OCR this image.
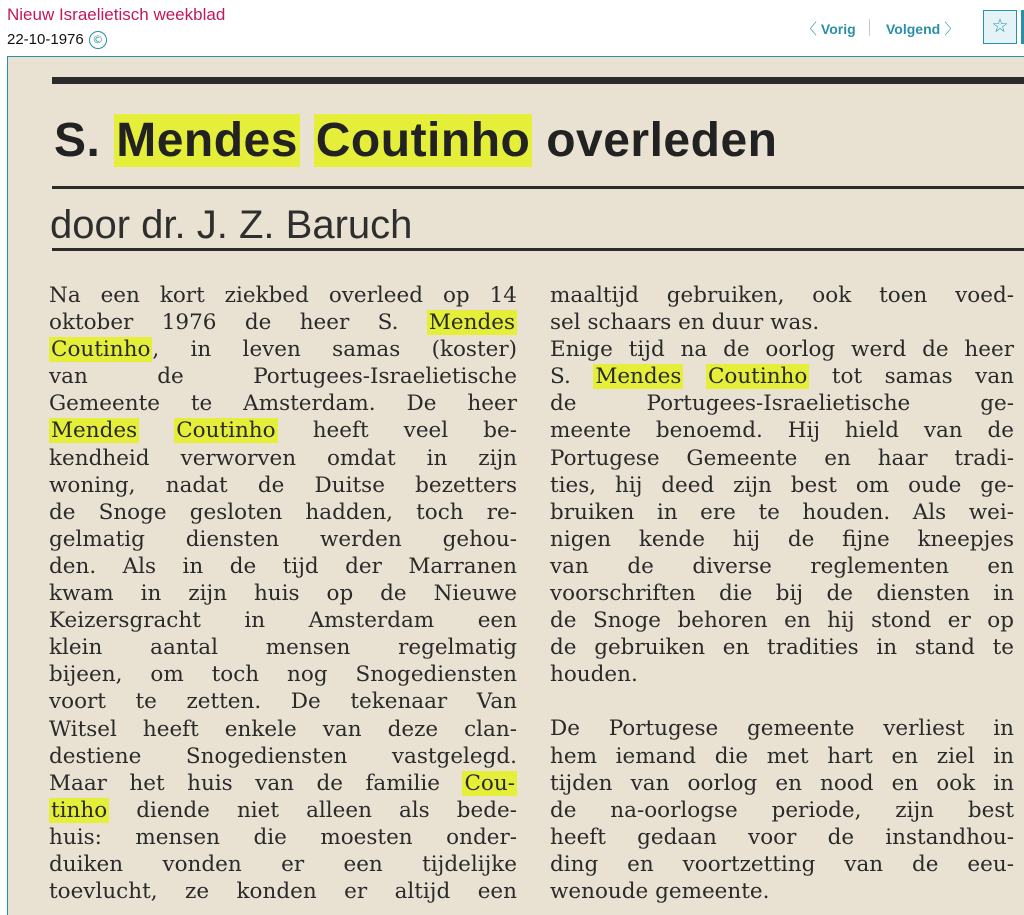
Nieuw Israelietisch weekblad
22-10-1976 ©
〈 Vorig Volgend 〉	☆
S. Mendes Coutinho overleden
door dr. J. Z. Baruch
Na een kort ziekbed overleed op 14
oktober 1976 de heer S. Mendes
Coutinho, in leven samas (koster)
van de Portugees-Israelietische
Gemeente te Amsterdam. De heer
Mendes Coutinho heeft veel be-
kendheid verworven omdat in zijn
woning, nadat de Duitse bezetters
de Snoge gesloten hadden, toch re-
gelmatig diensten werden gehou-
den. Als in de tijd der Marranen
kwam in zijn huis op de Nieuwe
Keizersgracht in Amsterdam een
klein aantal mensen regelmatig
bijeen, om toch nog Snogediensten
voort te zetten. De tekenaar Van
Witsel heeft enkele van deze clan-
destiene Snogediensten vastgelegd.
Maar het huis van de familie Cou-
tinho diende niet alleen als bede-
huis: mensen die moesten onder-
duiken vonden er een tijdelijke
toevlucht, ze konden er altijd een
maaltijd gebruiken, ook toen voed-
sel schaars en duur was.
Enige tijd na de oorlog werd de heer
S. Mendes Coutinho tot samas van
de Portugees-Israelietische ge-
meente benoemd. Hij hield van de
Portugese Gemeente en haar tradi-
ties, hij deed zijn best om oude ge-
bruiken in ere te houden. Als wei-
nigen kende hij de fijne kneepjes
van de diverse reglementen en
voorschriften die bij de diensten in
de Snoge behoren en hij stond er op
de gebruiken en tradities in stand te
houden.
De Portugese gemeente verliest in
hem iemand die met hart en ziel in
tijden van oorlog en nood en ook in
de na-oorlogse periode, zijn best
heeft gedaan voor de instandhou-
ding en voortzetting van de eeu-
wenoude gemeente.
